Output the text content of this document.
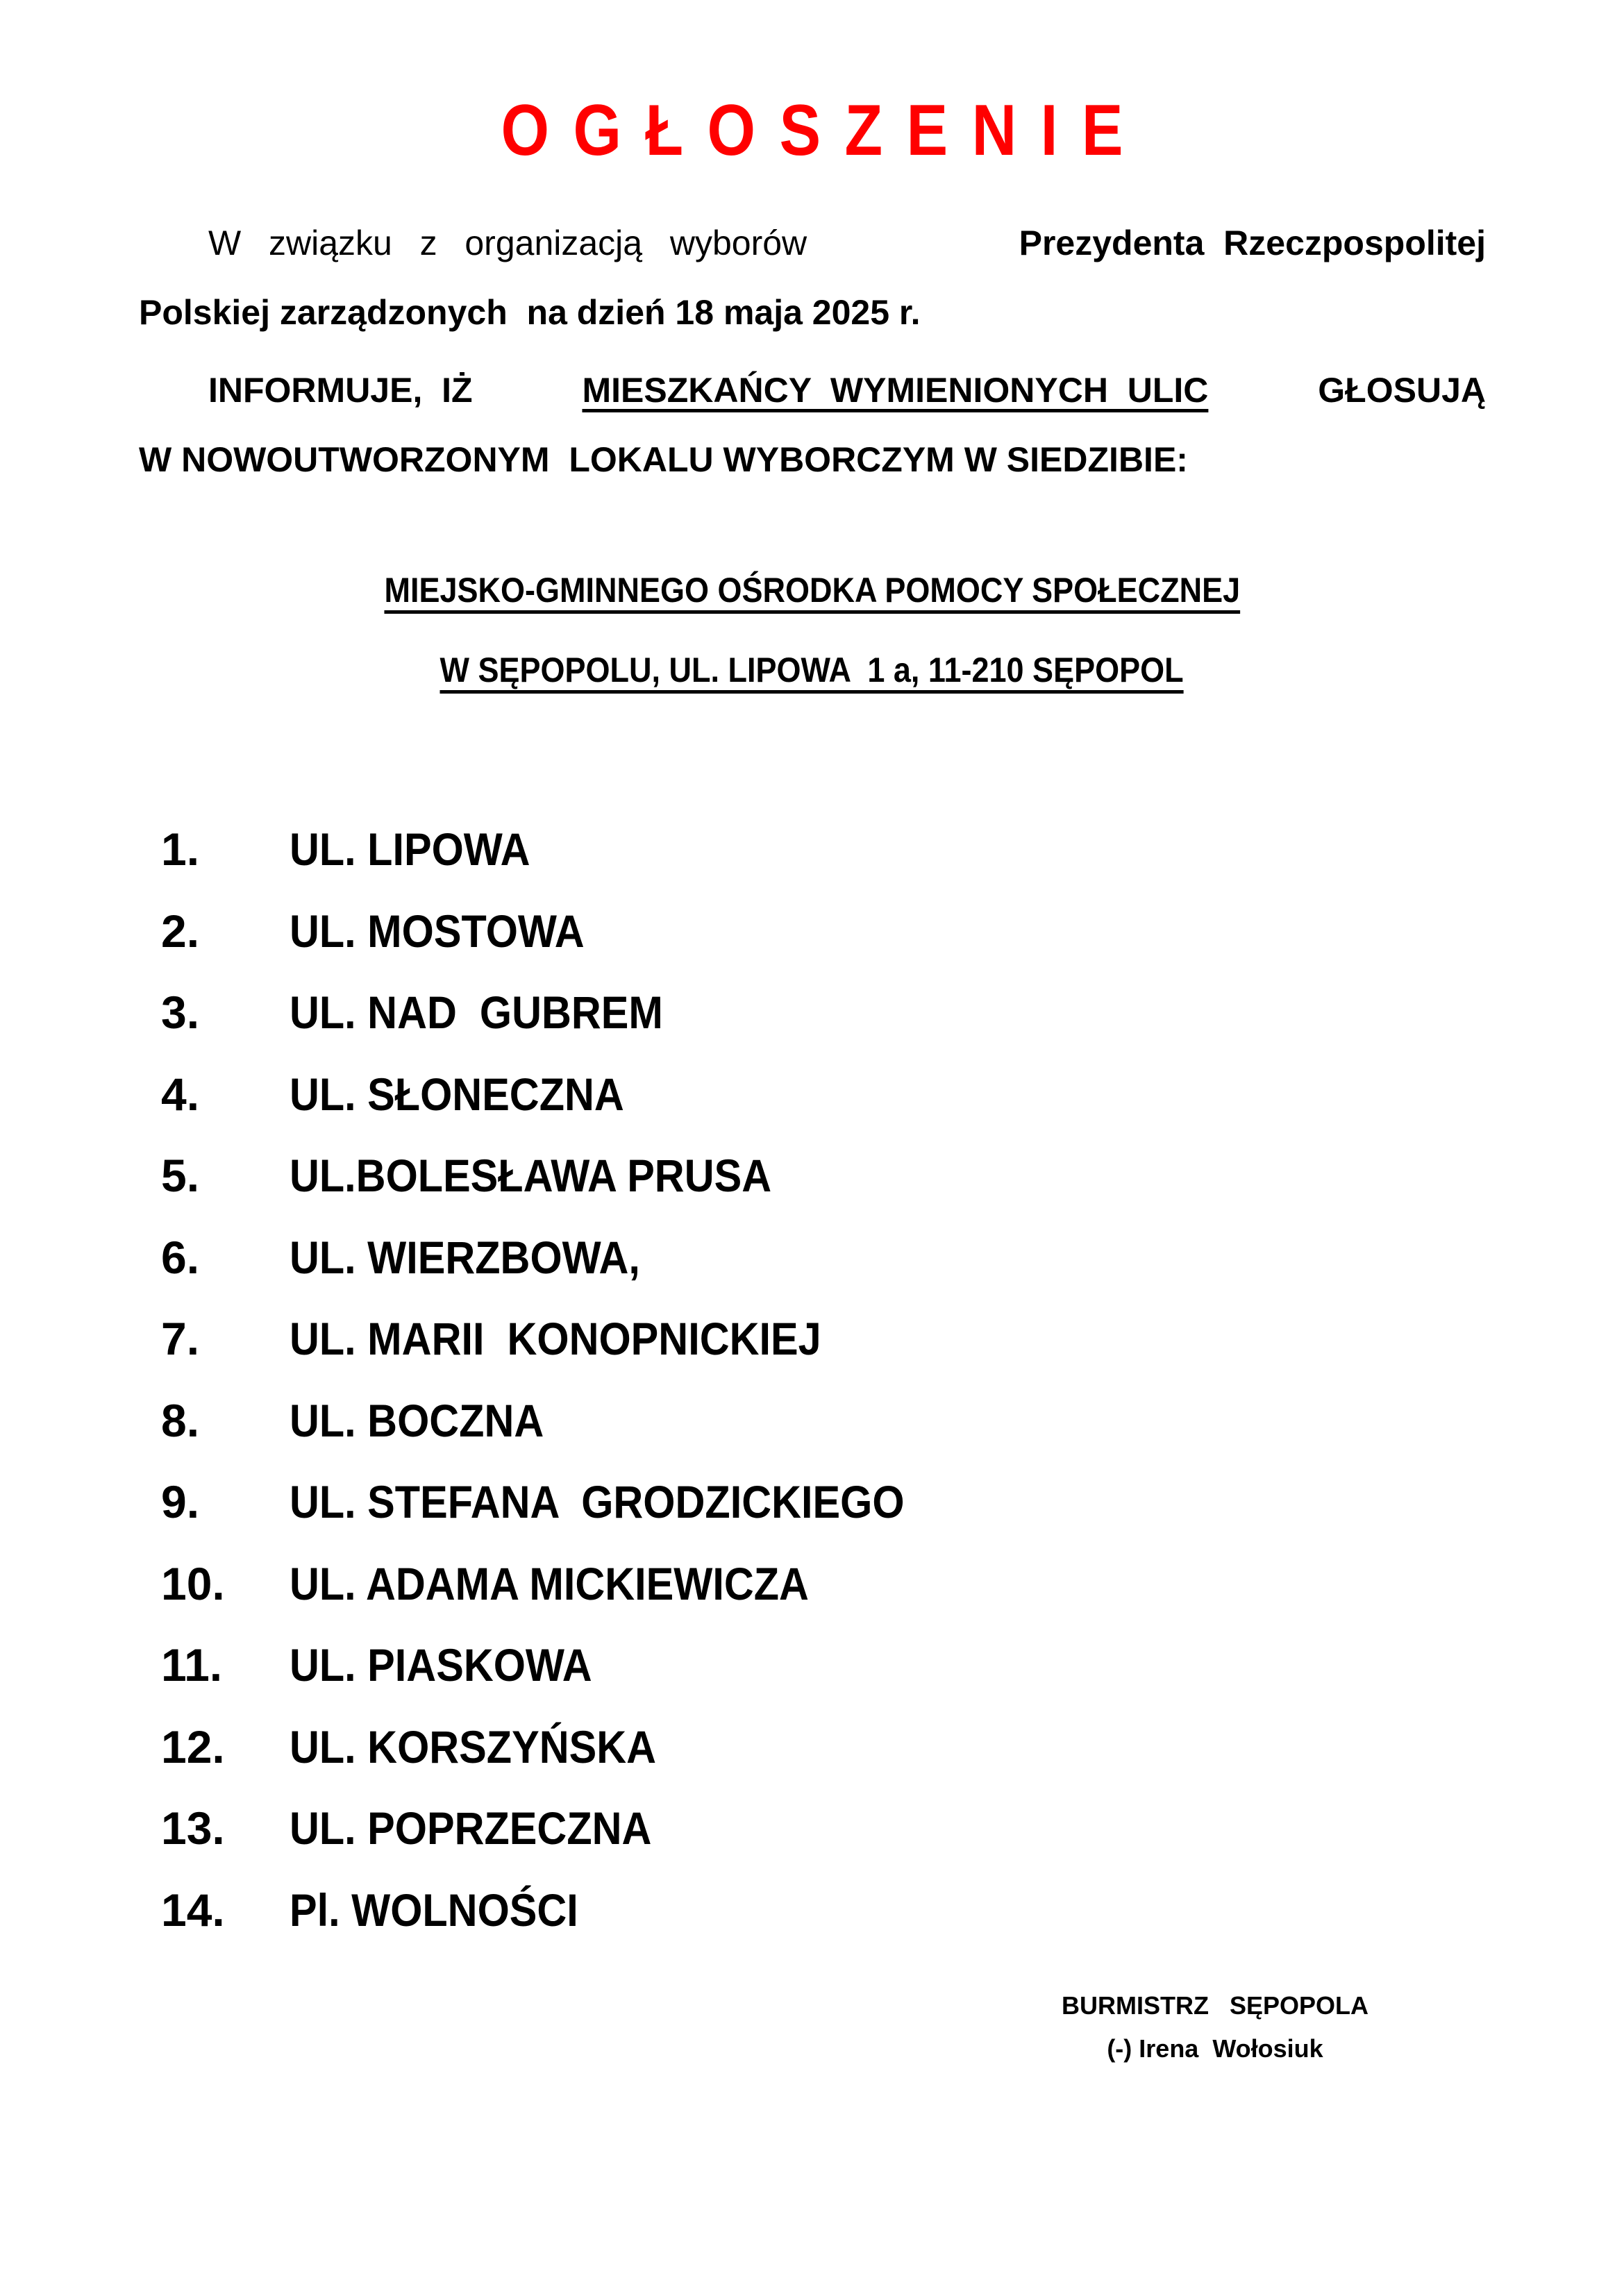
OGŁOSZENIE
W  związku  z  organizacją  wyborów	Prezydenta  Rzeczpospolitej
Polskiej zarządzonych  na dzień 18 maja 2025 r.
INFORMUJE,  IŻ	MIESZKAŃCY  WYMIENIONYCH  ULIC	GŁOSUJĄ
W NOWOUTWORZONYM  LOKALU WYBORCZYM W SIEDZIBIE:
MIEJSKO-GMINNEGO OŚRODKA POMOCY SPOŁECZNEJ
W SĘPOPOLU, UL. LIPOWA  1 a, 11-210 SĘPOPOL
1.	UL. LIPOWA
2.	UL. MOSTOWA
3.	UL. NAD  GUBREM
4.	UL. SŁONECZNA
5.	UL.BOLESŁAWA PRUSA
6.	UL. WIERZBOWA,
7.	UL. MARII  KONOPNICKIEJ
8.	UL. BOCZNA
9.	UL. STEFANA  GRODZICKIEGO
10.	UL. ADAMA MICKIEWICZA
11.	UL. PIASKOWA
12.	UL. KORSZYŃSKA
13.	UL. POPRZECZNA
14.	Pl. WOLNOŚCI
BURMISTRZ   SĘPOPOLA
(-) Irena  Wołosiuk
